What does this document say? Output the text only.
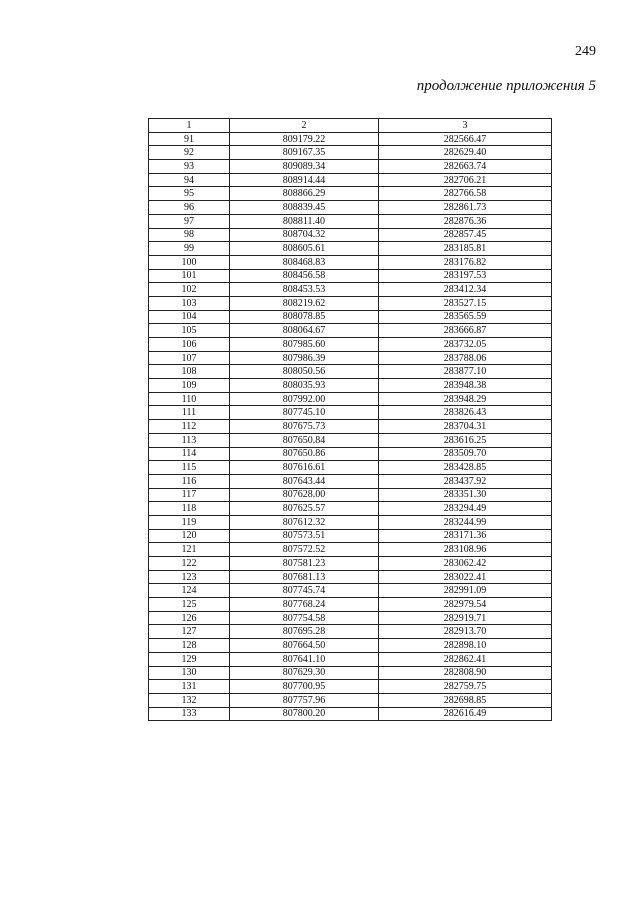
249
продолжение приложения 5
1	2	3
91	809179.22	282566.47
92	809167.35	282629.40
93	809089.34	282663.74
94	808914.44	282706.21
95	808866.29	282766.58
96	808839.45	282861.73
97	808811.40	282876.36
98	808704.32	282857.45
99	808605.61	283185.81
100	808468.83	283176.82
101	808456.58	283197.53
102	808453.53	283412.34
103	808219.62	283527.15
104	808078.85	283565.59
105	808064.67	283666.87
106	807985.60	283732.05
107	807986.39	283788.06
108	808050.56	283877.10
109	808035.93	283948.38
110	807992.00	283948.29
111	807745.10	283826.43
112	807675.73	283704.31
113	807650.84	283616.25
114	807650.86	283509.70
115	807616.61	283428.85
116	807643.44	283437.92
117	807628.00	283351.30
118	807625.57	283294.49
119	807612.32	283244.99
120	807573.51	283171.36
121	807572.52	283108.96
122	807581.23	283062.42
123	807681.13	283022.41
124	807745.74	282991.09
125	807768.24	282979.54
126	807754.58	282919.71
127	807695.28	282913.70
128	807664.50	282898.10
129	807641.10	282862.41
130	807629.30	282808.90
131	807700.95	282759.75
132	807757.96	282698.85
133	807800.20	282616.49
